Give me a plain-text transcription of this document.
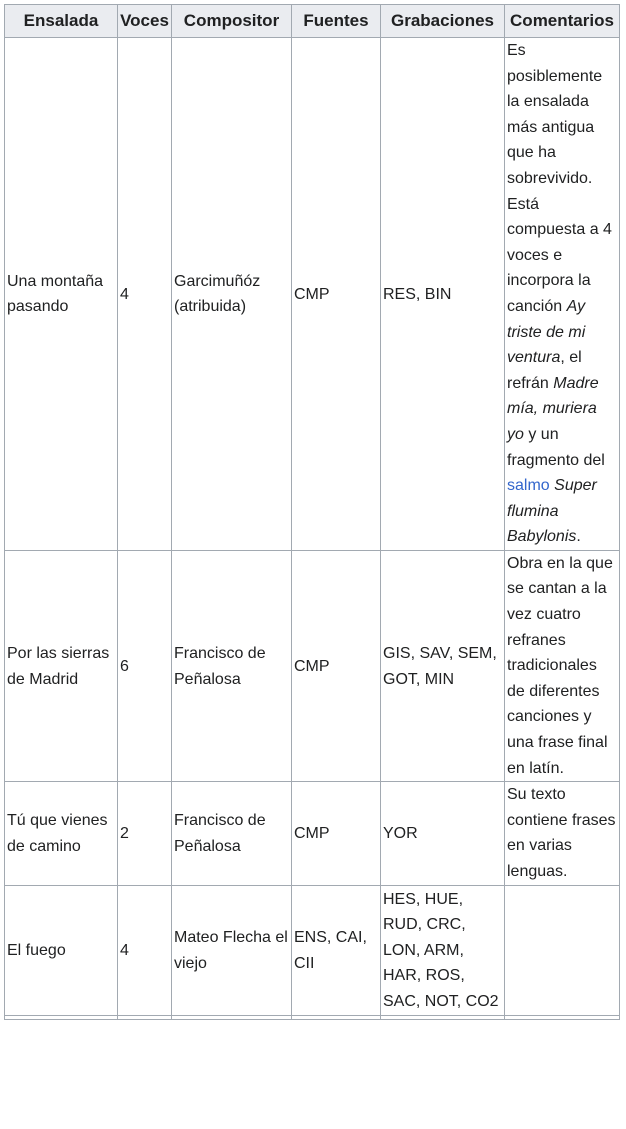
Ensalada	Voces	Compositor	Fuentes	Grabaciones	Comentarios
Una montaña pasando	4	Garcimuñóz (atribuida)	CMP	RES, BIN	Es posiblemente la ensalada más antigua que ha sobrevivido. Está compuesta a 4 voces e incorpora la canción Ay triste de mi ventura, el refrán Madre mía, muriera yo y un fragmento del salmo Super flumina Babylonis.
Por las sierras de Madrid	6	Francisco de Peñalosa	CMP	GIS, SAV, SEM, GOT, MIN	Obra en la que se cantan a la vez cuatro refranes tradicionales de diferentes canciones y una frase final en latín.
Tú que vienes de camino	2	Francisco de Peñalosa	CMP	YOR	Su texto contiene frases en varias lenguas.
El fuego	4	Mateo Flecha el viejo	ENS, CAI, CII	HES, HUE, RUD, CRC, LON, ARM, HAR, ROS, SAC, NOT, CO2	
